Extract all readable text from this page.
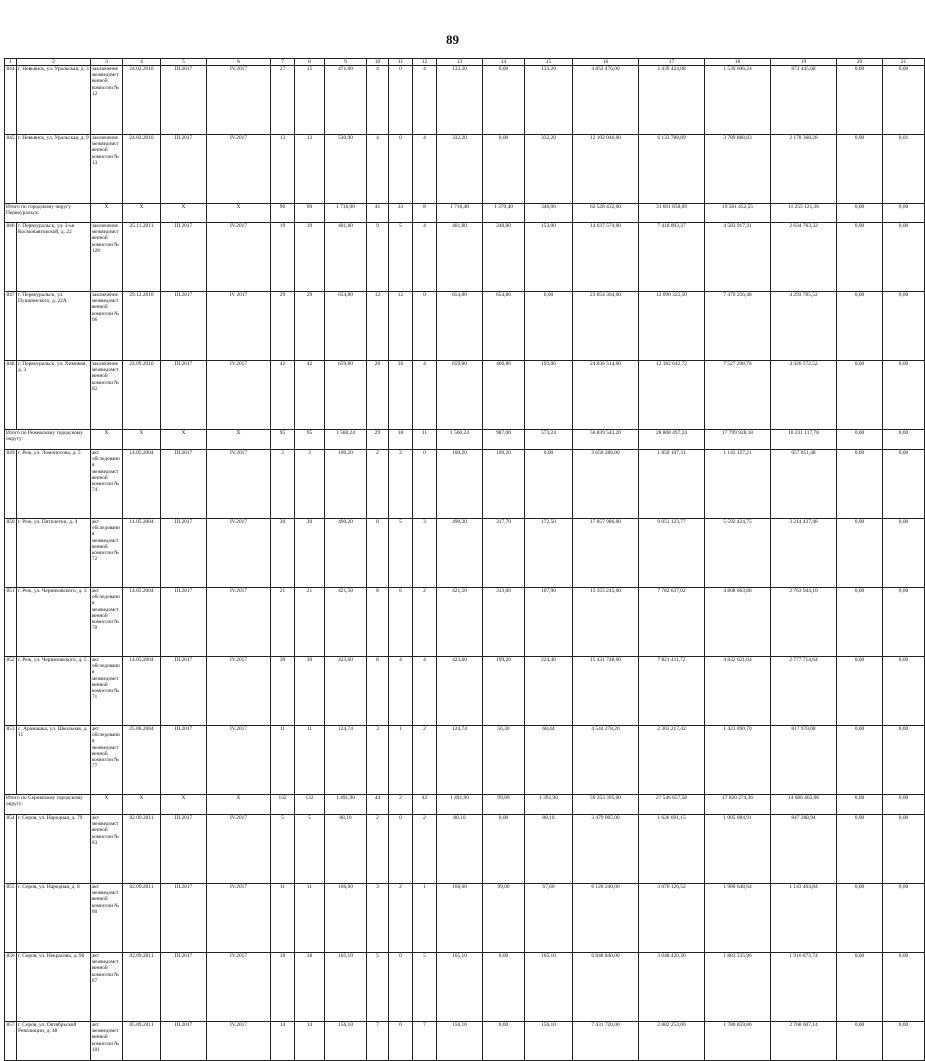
89
1	2	3	4	5	6	7	8	9	10	11	12	13	14	15	16	17	18	19	20	21
844	г. Невьянск, ул. Уральская, д. 3	заключение межведомственной комиссии № 12	24.02.2010	III.2017	IV.2017	27	15	471,60	4	0	4	133,20	0,00	133,20	4 852 476,00	2 439 424,08	1 539 606,24	873 445,68	0,00	0,00
845	г. Невьянск, ул. Уральская, д. 9	заключение межведомственной комиссии № 13	24.02.2010	III.2017	IV.2017	13	13	530,90	4	0	4	332,20	0,00	332,20	12 102 046,00	6 133 788,89	3 789 888,83	2 178 368,28	0,00	0,01
Итого по городскому округу Первоуральск:		X	X	X	X	90	90	1 716,00	41	33	8	1 716,40	1 370,40	346,00	62 528 432,00	31 691 858,09	19 581 452,55	11 255 121,36	0,00	0,00
846	г. Первоуральск, ул. 3-ья Космонавтовской, д. 22	заключение межведомственной комиссии № 128	25.11.2011	III 2017	IV.2017	19	19	401,80	9	5	4	401,80	248,80	153,00	14 637 574,00	7 418 893,37	4 583 917,31	2 634 763,32	0,00	0,00
847	г. Первоуральск, ул. Пушкинского, д. 22А	заключение межведомственной комиссии № 96	29.12.2010	III.2017	IV 2017	29	29	654,80	12	12	0	654,80	654,80	0,00	23 854 364,00	12 090 322,50	7 470 256,48	4 293 785,52	0,00	0,00
848	г. Первоуральск, ул. Химиков, д. 3	заключение межведомственной комиссии № 82	24.09.2010	III.2017	IV.2017	42	42	659,80	20	16	4	659,80	466,80	193,00	24 036 514,00	12 182 642,72	7 527 298,76	4 326 572,52	0,00	0,00
Итого по Режевскому городскому округу:		X	X	X	X	95	95	1 560,24	29	18	11	1 560,24	987,00	573,24	56 839 543,20	28 808 497,24	17 799 928,18	10 231 117,78	0,00	0,00
849	г. Реж, ул. Ломоносова, д. 5	акт обследования межведомственной комиссии № 74	14.05.2004	III.2017	IV.2017	3	3	100,20	2	2	0	100,20	100,20	0,00	3 650 286,00	1 850 107,31	1 143 127,21	657 051,48	0,00	0,00
850	г. Реж, ул. Пятилетки, д. 4	акт обследования межведомственной комиссии № 72	14.05.2004	III.2017	IV.2017	30	30	490,20	8	5	3	490,20	317,70	172,50	17 857 986,00	9 051 123,77	5 592 424,75	3 214 437,48	0,00	0,00
851	г. Реж, ул. Черняховского, д. 3	акт обследования межведомственной комиссии № 70	14.05.2004	III.2017	IV.2017	21	21	421,50	8	6	2	421,50	313,60	107,90	15 355 245,00	7 782 637,02	4 808 663,88	2 763 944,10	0,00	0,00
852	г. Реж, ул. Черняховского, д. 5	акт обследования межведомственной комиссии № 71	14.05.2004	III.2017	IV.2017	30	30	423,60	8	4	4	423,60	199,20	224,40	15 431 748,00	7 821 411,72	4 832 621,64	2 777 714,64	0,00	0,00
853	с. Арамашка, ул. Школьная, д. 11	акт обследования межведомственной комиссии № 77	25.06.2004	III.2017	IV.2017	11	11	124,74	3	1	2	124,74	56,30	68,44	4 544 278,20	2 303 217,42	1 423 090,70	817 970,08	0,00	0,00
Итого по Серовскому городскому округу:		X	X	X	X	132	132	1 491,90	44	2	42	1 491,90	99,00	1 392,90	59 253 395,00	27 546 657,58	17 020 274,36	14 686 463,06	0,00	0,00
854	г. Серов, ул. Народная, д. 79	акт межведомственной комиссии № 83	02.09.2011	III.2017	IV.2017	5	5	88,10	2	0	2	88,10	0,00	88,10	3 479 065,00	1 626 691,15	1 005 084,91	847 288,94	0,00	0,00
855	г. Серов, ул. Народная, д. 8	акт межведомственной комиссии № 80	02.09.2011	III.2017	IV.2017	11	11	166,60	3	2	1	166,60	99,00	67,60	6 120 240,00	3 076 126,52	1 900 648,64	1 143 464,84	0,00	0,00
856	г. Серов, ул. Некрасова, д. 90	акт межведомственной комиссии № 87	02.09.2011	III.2017	IV.2017	18	18	165,10	5	0	5	165,10	0,00	165,10	6 848 840,00	3 048 420,30	1 883 535,96	1 916 873,74	0,00	0,00
857	г. Серов, ул. Октябрьской Революции, д. 48	акт межведомственной комиссии № 101	05.09.2011	III.2017	IV.2017	14	14	156,10	7	0	7	156,10	0,00	156,10	7 431 720,00	2 882 253,00	1 780 859,86	2 768 607,14	0,00	0,00
